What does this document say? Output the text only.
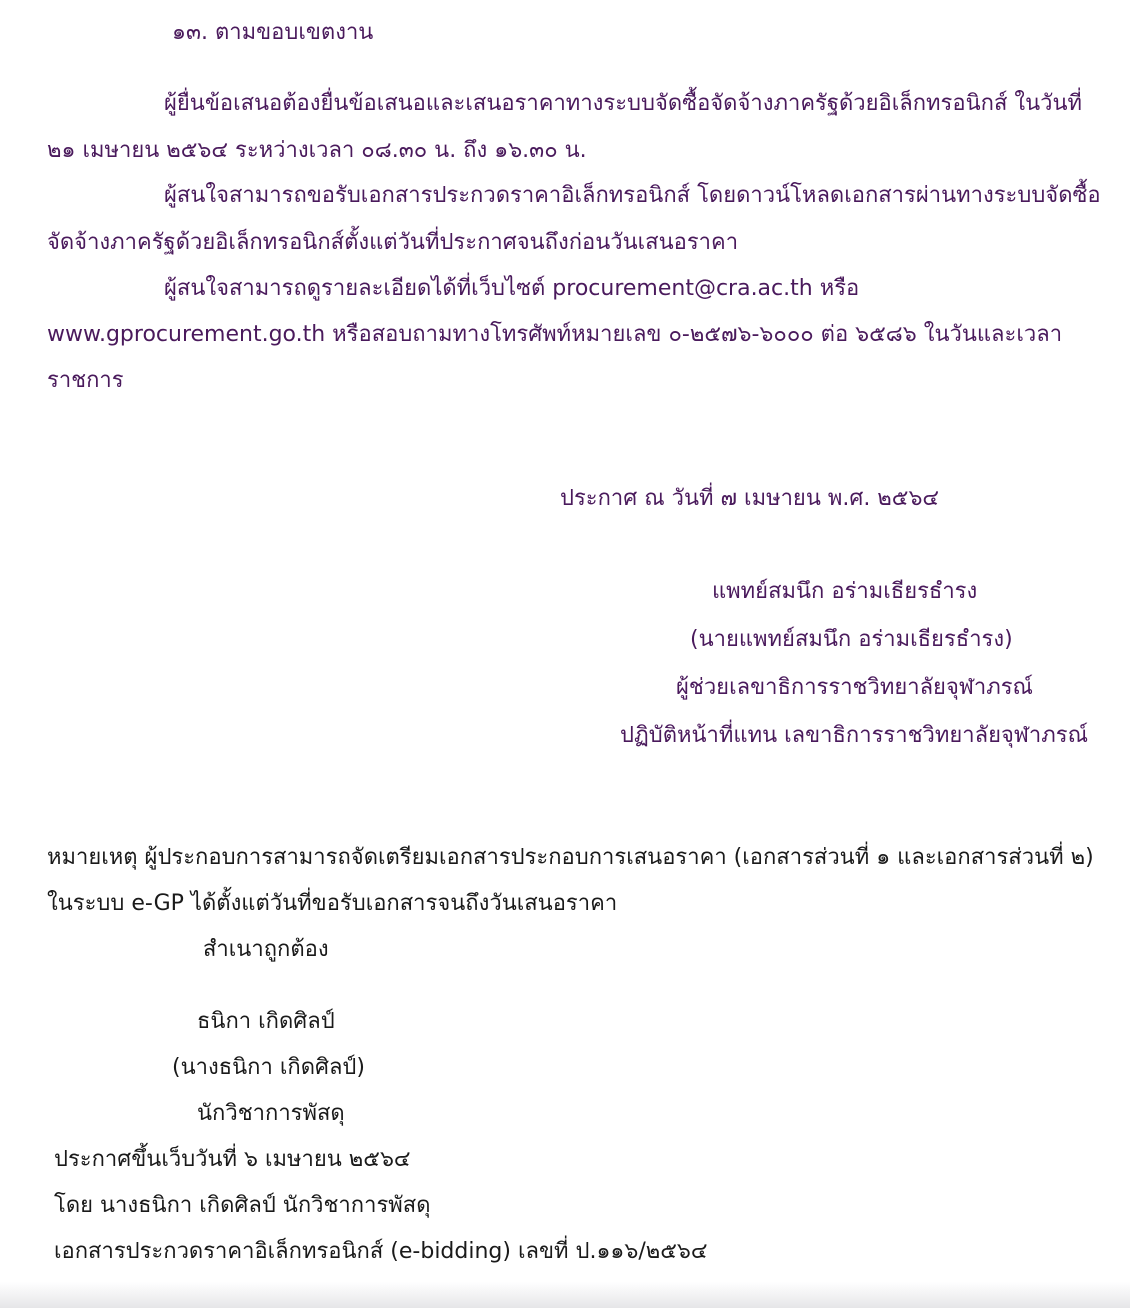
๑๓. ตามขอบเขตงาน

ผู้ยื่นข้อเสนอต้องยื่นข้อเสนอและเสนอราคาทางระบบจัดซื้อจัดจ้างภาครัฐด้วยอิเล็กทรอนิกส์ ในวันที่

๒๑ เมษายน ๒๕๖๔ ระหว่างเวลา ๐๘.๓๐ น. ถึง ๑๖.๓๐ น.

ผู้สนใจสามารถขอรับเอกสารประกวดราคาอิเล็กทรอนิกส์ โดยดาวน์โหลดเอกสารผ่านทางระบบจัดซื้อ

จัดจ้างภาครัฐด้วยอิเล็กทรอนิกส์ตั้งแต่วันที่ประกาศจนถึงก่อนวันเสนอราคา

ผู้สนใจสามารถดูรายละเอียดได้ที่เว็บไซต์ procurement@cra.ac.th หรือ

www.gprocurement.go.th หรือสอบถามทางโทรศัพท์หมายเลข ๐-๒๕๗๖-๖๐๐๐ ต่อ ๖๕๘๖ ในวันและเวลา

ราชการ

ประกาศ ณ วันที่ ๗ เมษายน พ.ศ. ๒๕๖๔

แพทย์สมนึก อร่ามเธียรธำรง

(นายแพทย์สมนึก อร่ามเธียรธำรง)

ผู้ช่วยเลขาธิการราชวิทยาลัยจุฬาภรณ์

ปฏิบัติหน้าที่แทน เลขาธิการราชวิทยาลัยจุฬาภรณ์

หมายเหตุ ผู้ประกอบการสามารถจัดเตรียมเอกสารประกอบการเสนอราคา (เอกสารส่วนที่ ๑ และเอกสารส่วนที่ ๒)

ในระบบ e-GP ได้ตั้งแต่วันที่ขอรับเอกสารจนถึงวันเสนอราคา

สำเนาถูกต้อง

ธนิกา เกิดศิลป์

(นางธนิกา เกิดศิลป์)

นักวิชาการพัสดุ

ประกาศขึ้นเว็บวันที่ ๖ เมษายน ๒๕๖๔

โดย นางธนิกา เกิดศิลป์ นักวิชาการพัสดุ

เอกสารประกวดราคาอิเล็กทรอนิกส์ (e-bidding) เลขที่ ป.๑๑๖/๒๕๖๔
